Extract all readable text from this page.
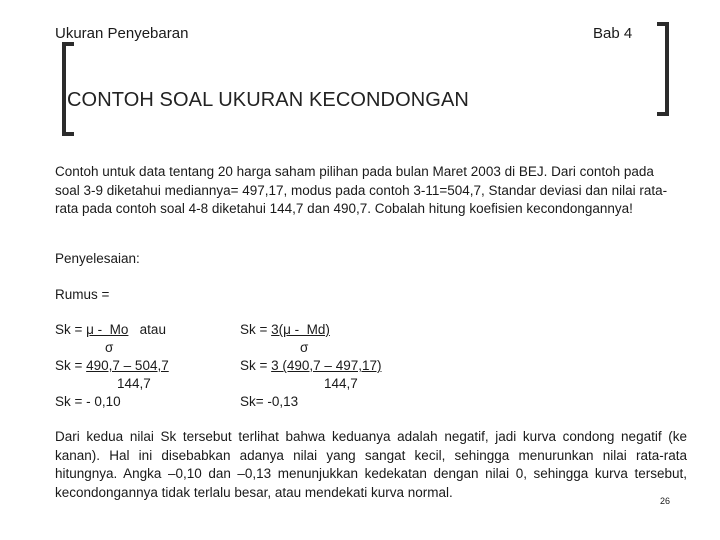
Ukuran Penyebaran	Bab 4
CONTOH SOAL UKURAN KECONDONGAN
Contoh untuk data tentang 20 harga saham pilihan pada bulan Maret 2003 di BEJ. Dari contoh pada soal 3-9 diketahui mediannya= 497,17, modus pada contoh 3-11=504,7, Standar deviasi dan nilai rata-rata pada contoh soal 4-8 diketahui 144,7 dan 490,7. Cobalah hitung koefisien kecondongannya!
Penyelesaian:
Rumus =
Sk = μ -  Mo   atau
σ
Sk = 490,7 – 504,7
144,7
Sk = - 0,10
Sk = 3(μ -  Md)
σ
Sk = 3 (490,7 – 497,17)
144,7
Sk= -0,13
Dari kedua nilai Sk tersebut terlihat bahwa keduanya adalah negatif, jadi kurva condong negatif (ke kanan). Hal ini disebabkan adanya nilai yang sangat kecil, sehingga menurunkan nilai rata-rata hitungnya. Angka –0,10 dan –0,13 menunjukkan kedekatan dengan nilai 0, sehingga kurva tersebut, kecondongannya tidak terlalu besar, atau mendekati kurva normal.
26
